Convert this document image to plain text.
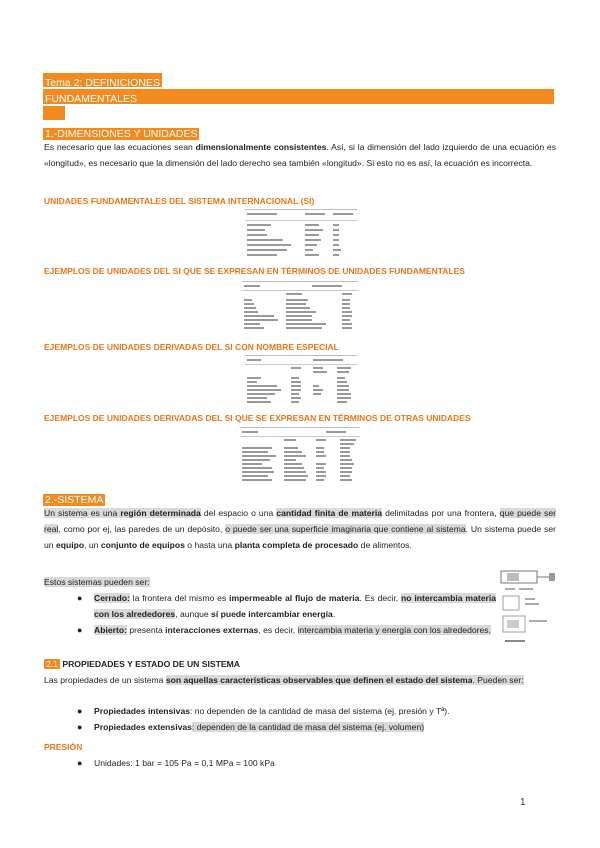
Tema 2: DEFINICIONES
FUNDAMENTALES
1.-DIMENSIONES Y UNIDADES
Es necesario que las ecuaciones sean dimensionalmente consistentes. Así, si la dimensión del lado izquierdo de una ecuación es «longitud», es necesario que la dimensión del lado derecho sea también «longitud». Si esto no es así, la ecuación es incorrecta.
UNIDADES FUNDAMENTALES DEL SISTEMA INTERNACIONAL (SI)
EJEMPLOS DE UNIDADES DEL SI QUE SE EXPRESAN EN TÉRMINOS DE UNIDADES FUNDAMENTALES
EJEMPLOS DE UNIDADES DERIVADAS DEL SI CON NOMBRE ESPECIAL
EJEMPLOS DE UNIDADES DERIVADAS DEL SI QUE SE EXPRESAN EN TÉRMINOS DE OTRAS UNIDADES
2.-SISTEMA
Un sistema es una región determinada del espacio o una cantidad finita de materia delimitadas por una frontera, que puede ser real, como por ej, las paredes de un depósito, o puede ser una superficie imaginaria que contiene al sistema. Un sistema puede ser un equipo, un conjunto de equipos o hasta una planta completa de procesado de alimentos.
Estos sistemas pueden ser:
● Cerrado: la frontera del mismo es impermeable al flujo de materia. Es decir, no intercambia materia con los alrededores, aunque sí puede intercambiar energía.
● Abierto: presenta interacciones externas, es decir, intercambia materia y energía con los alrededores.
2.1 PROPIEDADES Y ESTADO DE UN SISTEMA
Las propiedades de un sistema son aquellas características observables que definen el estado del sistema. Pueden ser:
● Propiedades intensivas: no dependen de la cantidad de masa del sistema (ej. presión y Tª).
● Propiedades extensivas: dependen de la cantidad de masa del sistema (ej. volumen)
PRESIÓN
● Unidades: 1 bar = 105 Pa = 0,1 MPa = 100 kPa
1
